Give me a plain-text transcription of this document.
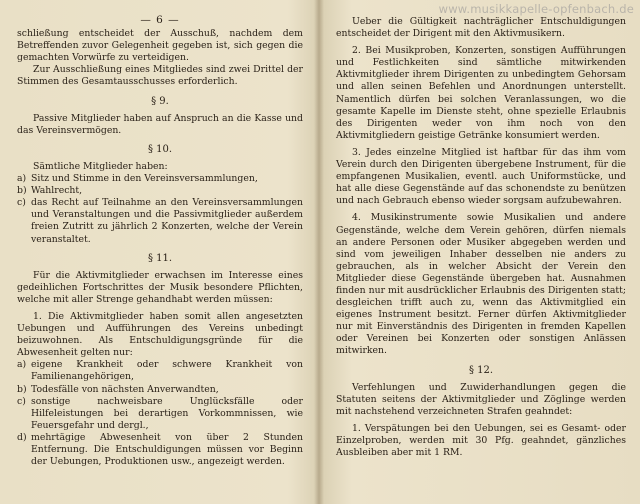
— 6 —

schließung entscheidet der Ausschuß, nachdem dem Betreffenden zuvor Gelegenheit gegeben ist, sich gegen die gemachten Vorwürfe zu verteidigen.

Zur Ausschließung eines Mitgliedes sind zwei Drittel der Stimmen des Gesamtausschusses erforderlich.

§ 9.

Passive Mitglieder haben auf Anspruch an die Kasse und das Vereinsvermögen.

§ 10.

Sämtliche Mitglieder haben:

a) Sitz und Stimme in den Vereinsversammlungen,
b) Wahlrecht,
c) das Recht auf Teilnahme an den Vereinsversammlungen und Veranstaltungen und die Passivmitglieder außerdem freien Zutritt zu jährlich 2 Konzerten, welche der Verein veranstaltet.
§ 11.

Für die Aktivmitglieder erwachsen im Interesse eines gedeihlichen Fortschrittes der Musik besondere Pflichten, welche mit aller Strenge gehandhabt werden müssen:

1. Die Aktivmitglieder haben somit allen angesetzten Uebungen und Aufführungen des Vereins unbedingt beizuwohnen. Als Entschuldigungsgründe für die Abwesenheit gelten nur:

a) eigene Krankheit oder schwere Krankheit von Familienangehörigen,
b) Todesfälle von nächsten Anverwandten,
c) sonstige nachweisbare Unglücksfälle oder Hilfeleistungen bei derartigen Vorkommnissen, wie Feuersgefahr und dergl.,
d) mehrtägige Abwesenheit von über 2 Stunden Entfernung. Die Entschuldigungen müssen vor Beginn der Uebungen, Produktionen usw., angezeigt werden.

Ueber die Gültigkeit nachträglicher Entschuldigungen entscheidet der Dirigent mit den Aktivmusikern.

2. Bei Musikproben, Konzerten, sonstigen Aufführungen und Festlichkeiten sind sämtliche mitwirkenden Aktivmitglieder ihrem Dirigenten zu unbedingtem Gehorsam und allen seinen Befehlen und Anordnungen unterstellt. Namentlich dürfen bei solchen Veranlassungen, wo die gesamte Kapelle im Dienste steht, ohne spezielle Erlaubnis des Dirigenten weder von ihm noch von den Aktivmitgliedern geistige Getränke konsumiert werden.

3. Jedes einzelne Mitglied ist haftbar für das ihm vom Verein durch den Dirigenten übergebene Instrument, für die empfangenen Musikalien, eventl. auch Uniformstücke, und hat alle diese Gegenstände auf das schonendste zu benützen und nach Gebrauch ebenso wieder sorgsam aufzubewahren.

4. Musikinstrumente sowie Musikalien und andere Gegenstände, welche dem Verein gehören, dürfen niemals an andere Personen oder Musiker abgegeben werden und sind vom jeweiligen Inhaber desselben nie anders zu gebrauchen, als in welcher Absicht der Verein den Mitglieder diese Gegenstände übergeben hat. Ausnahmen finden nur mit ausdrücklicher Erlaubnis des Dirigenten statt; desgleichen trifft auch zu, wenn das Aktivmitglied ein eigenes Instrument besitzt. Ferner dürfen Aktivmitglieder nur mit Einverständnis des Dirigenten in fremden Kapellen oder Vereinen bei Konzerten oder sonstigen Anlässen mitwirken.

§ 12.

Verfehlungen und Zuwiderhandlungen gegen die Statuten seitens der Aktivmitglieder und Zöglinge werden mit nachstehend verzeichneten Strafen geahndet:

1. Verspätungen bei den Uebungen, sei es Gesamt- oder Einzelproben, werden mit 30 Pfg. geahndet, gänzliches Ausbleiben aber mit 1 RM.

www.musikkapelle-opfenbach.de
